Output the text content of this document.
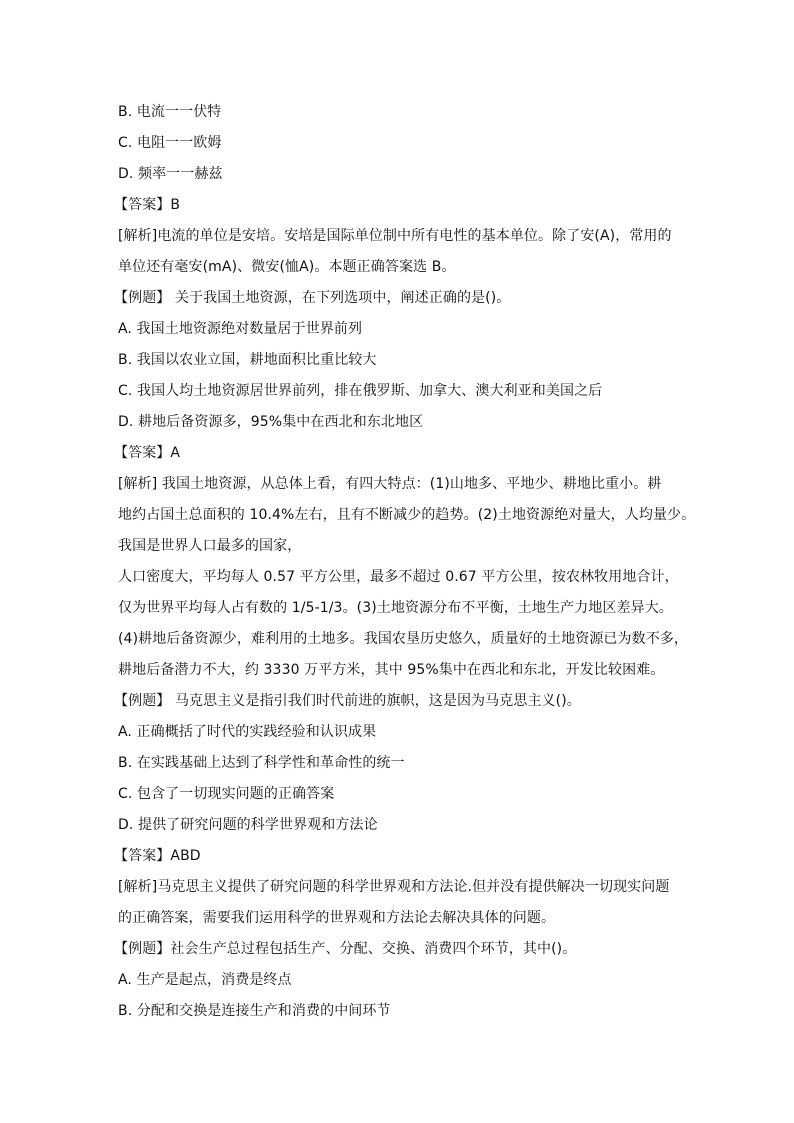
B. 电流一一伏特
C. 电阻一一欧姆
D. 频率一一赫兹
【答案】B
[解析]电流的单位是安培。安培是国际单位制中所有电性的基本单位。除了安(A)，常用的
单位还有毫安(mA)、微安(恤A)。本题正确答案选 B。
【例题】 关于我国土地资源，在下列选项中，阐述正确的是()。
A. 我国土地资源绝对数量居于世界前列
B. 我国以农业立国，耕地面积比重比较大
C. 我国人均土地资源居世界前列，排在俄罗斯、加拿大、澳大利亚和美国之后
D. 耕地后备资源多，95%集中在西北和东北地区
【答案】A
[解析] 我国土地资源，从总体上看，有四大特点：(1)山地多、平地少、耕地比重小。耕
地约占国土总面积的 10.4%左右，且有不断减少的趋势。(2)土地资源绝对量大，人均量少。
我国是世界人口最多的国家，
人口密度大，平均每人 0.57 平方公里，最多不超过 0.67 平方公里，按农林牧用地合计，
仅为世界平均每人占有数的 1/5-1/3。(3)土地资源分布不平衡，土地生产力地区差异大。
(4)耕地后备资源少，难利用的土地多。我国农垦历史悠久，质量好的土地资源已为数不多，
耕地后备潜力不大，约 3330 万平方米，其中 95%集中在西北和东北，开发比较困难。
【例题】 马克思主义是指引我们时代前进的旗帜，这是因为马克思主义()。
A. 正确概括了时代的实践经验和认识成果
B. 在实践基础上达到了科学性和革命性的统一
C. 包含了一切现实问题的正确答案
D. 提供了研究问题的科学世界观和方法论
【答案】ABD
[解析]马克思主义提供了研究问题的科学世界观和方法论.但并没有提供解决一切现实问题
的正确答案，需要我们运用科学的世界观和方法论去解决具体的问题。
【例题】社会生产总过程包括生产、分配、交换、消费四个环节，其中()。
A. 生产是起点，消费是终点
B. 分配和交换是连接生产和消费的中间环节
